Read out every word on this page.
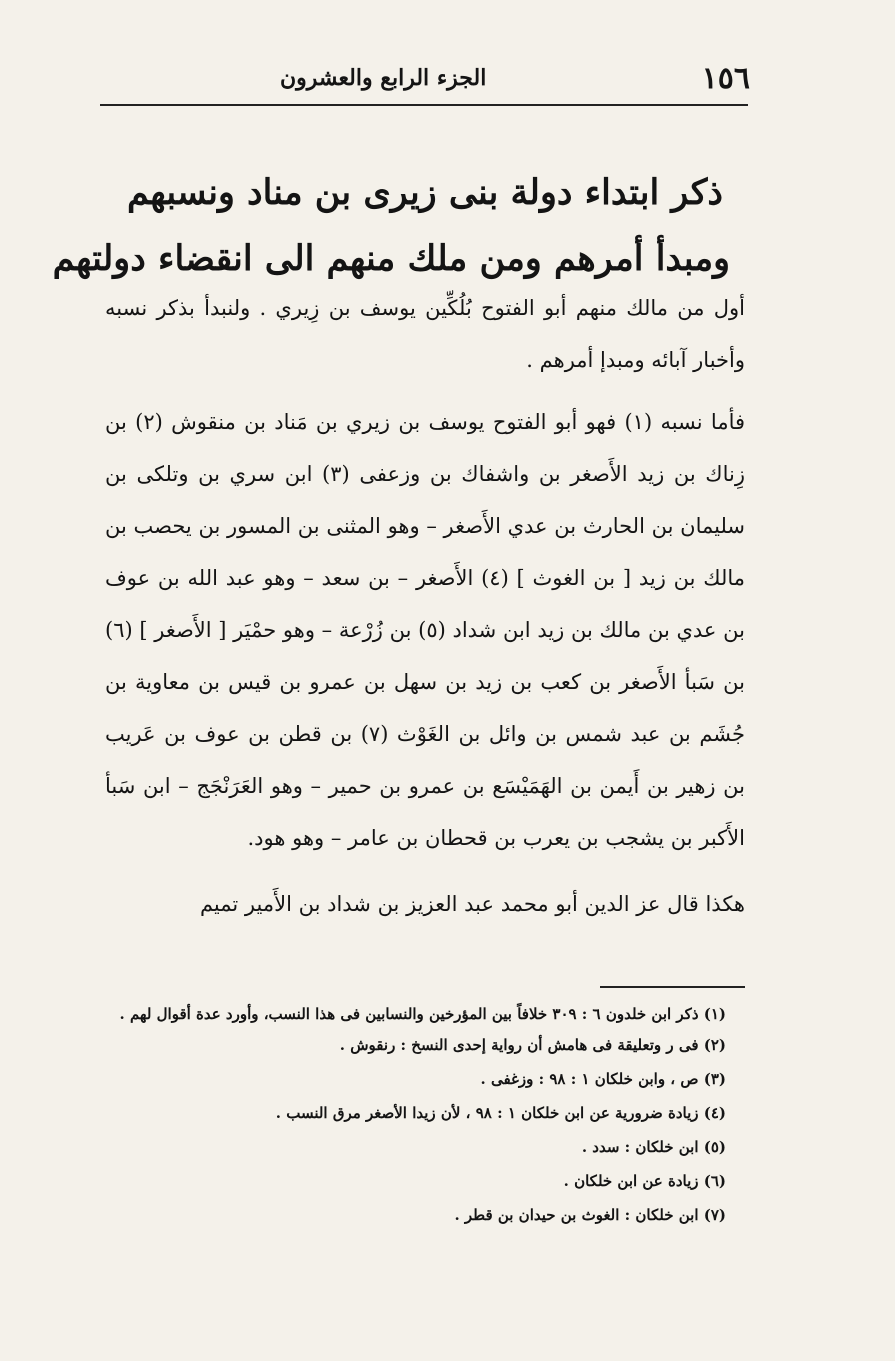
١٥٦
الجزء الرابع والعشرون
ذكر ابتداء دولة بنى زيرى بن مناد ونسبهم
ومبدأ أمرهم ومن ملك منهم الى انقضاء دولتهم

أول من مالك منهم أبو الفتوح بُلُكِّين يوسف بن زِيري . ولنبدأ بذكر نسبه وأخبار آبائه ومبدإ أمرهم .

فأما نسبه (١) فهو أبو الفتوح يوسف بن زيري بن مَناد بن منقوش (٢) بن زِناك بن زيد الأَصغر بن واشفاك بن وزعفى (٣) ابن سري بن وتلكى بن سليمان بن الحارث بن عدي الأَصغر – وهو المثنى بن المسور بن يحصب بن مالك بن زيد [ بن الغوث ] (٤) الأَصغر – بن سعد – وهو عبد الله بن عوف بن عدي بن مالك بن زيد ابن شداد (٥) بن زُرْعة – وهو حمْيَر [ الأَصغر ] (٦) بن سَبأ الأَصغر بن كعب بن زيد بن سهل بن عمرو بن قيس بن معاوية بن جُشَم بن عبد شمس بن وائل بن الغَوْث (٧) بن قطن بن عوف بن عَريب بن زهير بن أَيمن بن الهَمَيْسَع بن عمرو بن حمير – وهو العَرَنْجَج – ابن سَبأ الأَكبر بن يشجب بن يعرب بن قحطان بن عامر – وهو هود.

هكذا قال عز الدين أبو محمد عبد العزيز بن شداد بن الأَمير تميم

(١) ذكر ابن خلدون ٦ : ٣٠٩ خلافاً بين المؤرخين والنسابين فى هذا النسب، وأورد عدة أقوال لهم .

(٢) فى ر وتعليقة فى هامش أن رواية إحدى النسخ : رنقوش .

(٣) ص ، وابن خلكان ١ : ٩٨ : وزغفى .

(٤) زيادة ضرورية عن ابن خلكان ١ : ٩٨ ، لأن زيدا الأصغر مرق النسب .

(٥) ابن خلكان : سدد .

(٦) زيادة عن ابن خلكان .

(٧) ابن خلكان : الغوث بن حيدان بن قطر .
